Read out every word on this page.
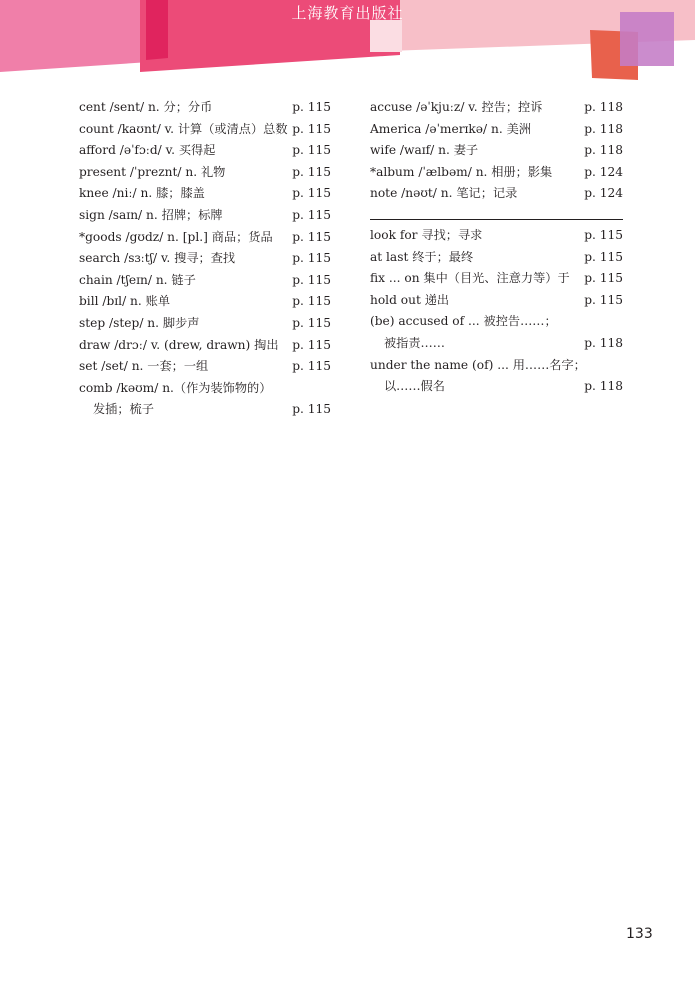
上海教育出版社
cent /sent/ n. 分；分币	p. 115
count /kaʊnt/ v. 计算（或清点）总数 p. 115
afford /əˈfɔːd/ v. 买得起	p. 115
present /ˈpreznt/ n. 礼物	p. 115
knee /niː/ n. 膝；膝盖	p. 115
sign /saɪn/ n. 招牌；标牌	p. 115
*goods /gʊdz/ n. [pl.] 商品；货品	p. 115
search /sɜːtʃ/ v. 搜寻；查找	p. 115
chain /tʃeɪn/ n. 链子	p. 115
bill /bɪl/ n. 账单	p. 115
step /step/ n. 脚步声	p. 115
draw /drɔː/ v. (drew, drawn) 掏出	p. 115
set /set/ n. 一套；一组	p. 115
comb /kəʊm/ n.（作为装饰物的）
发插；梳子	p. 115
accuse /əˈkjuːz/ v. 控告；控诉	p. 118
America /əˈmerɪkə/ n. 美洲	p. 118
wife /waɪf/ n. 妻子	p. 118
*album /ˈælbəm/ n. 相册；影集	p. 124
note /nəʊt/ n. 笔记；记录	p. 124
look for 寻找；寻求	p. 115
at last 终于；最终	p. 115
fix ... on 集中（目光、注意力等）于	p. 115
hold out 递出	p. 115
(be) accused of ... 被控告……；
被指责……	p. 118
under the name (of) ... 用……名字；
以……假名	p. 118
133
